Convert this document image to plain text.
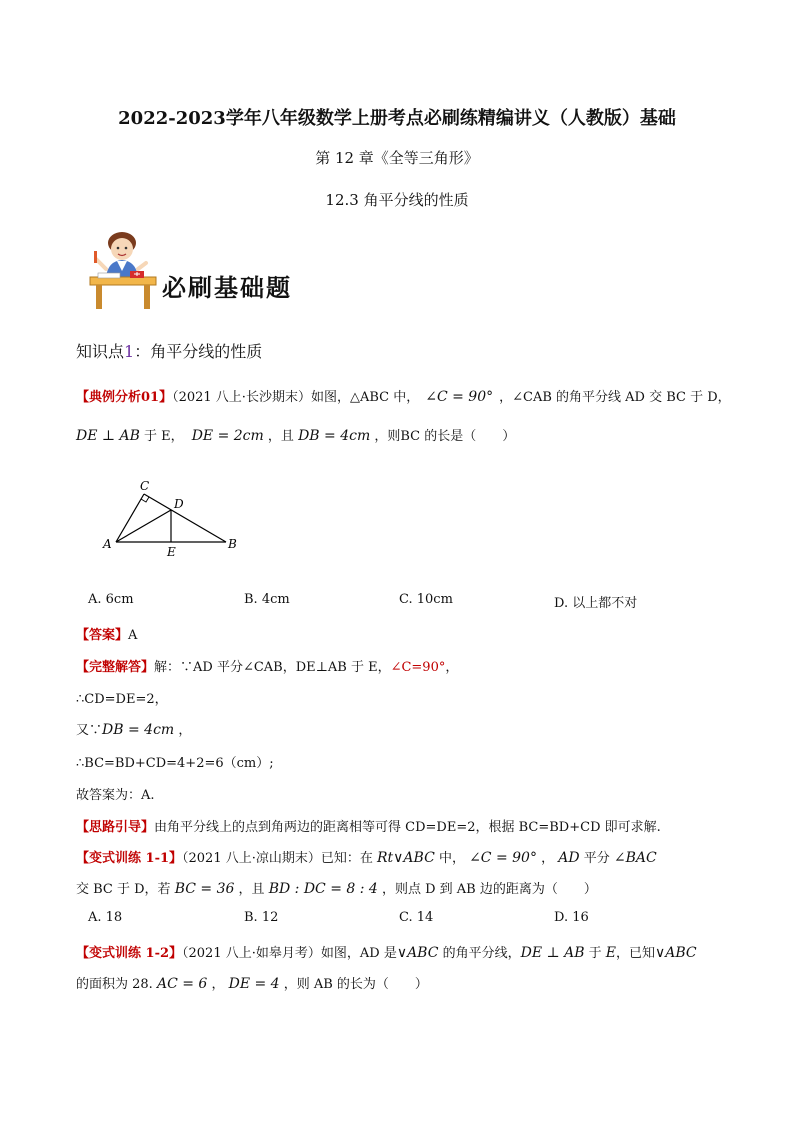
2022-2023学年八年级数学上册考点必刷练精编讲义（人教版）基础
第 12 章《全等三角形》
12.3 角平分线的性质
必刷基础题
知识点1：角平分线的性质
【典例分析01】（2021 八上·长沙期末）如图，△ABC 中， ∠C = 90° ，∠CAB 的角平分线 AD 交 BC 于 D，
DE ⊥ AB 于 E， DE = 2cm ，且 DB = 4cm ，则BC 的长是（　　）
C
D
A
E
B
A. 6cm	B. 4cm	C. 10cm	D. 以上都不对
【答案】A
【完整解答】解：∵AD 平分∠CAB，DE⊥AB 于 E，∠C=90°，
∴CD=DE=2，
又∵DB = 4cm ，
∴BC=BD+CD=4+2=6（cm）;
故答案为：A.
【思路引导】由角平分线上的点到角两边的距离相等可得 CD=DE=2，根据 BC=BD+CD 即可求解.
【变式训练 1-1】（2021 八上·凉山期末）已知：在 Rt∨ABC 中， ∠C = 90° ， AD 平分 ∠BAC
交 BC 于 D，若 BC = 36 ，且 BD : DC = 8 : 4 ，则点 D 到 AB 边的距离为（　　）
A. 18	B. 12	C. 14	D. 16
【变式训练 1-2】（2021 八上·如皋月考）如图，AD 是∨ABC 的角平分线，DE ⊥ AB 于 E，已知∨ABC
的面积为 28. AC = 6 ， DE = 4 ，则 AB 的长为（　　）
